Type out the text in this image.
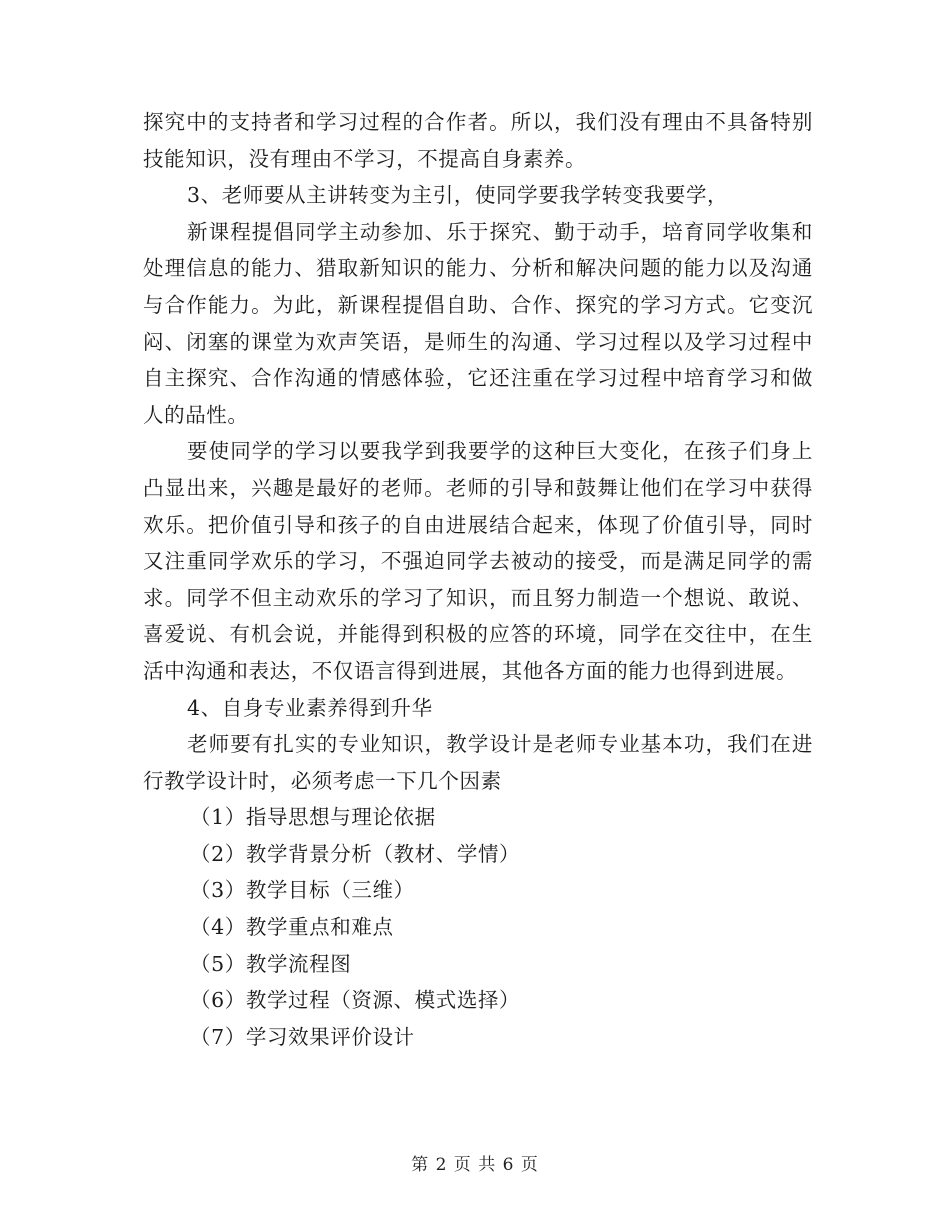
探究中的支持者和学习过程的合作者。所以，我们没有理由不具备特别技能知识，没有理由不学习，不提高自身素养。

3、老师要从主讲转变为主引，使同学要我学转变我要学，

新课程提倡同学主动参加、乐于探究、勤于动手，培育同学收集和处理信息的能力、猎取新知识的能力、分析和解决问题的能力以及沟通与合作能力。为此，新课程提倡自助、合作、探究的学习方式。它变沉闷、闭塞的课堂为欢声笑语，是师生的沟通、学习过程以及学习过程中自主探究、合作沟通的情感体验，它还注重在学习过程中培育学习和做人的品性。

要使同学的学习以要我学到我要学的这种巨大变化，在孩子们身上凸显出来，兴趣是最好的老师。老师的引导和鼓舞让他们在学习中获得欢乐。把价值引导和孩子的自由进展结合起来，体现了价值引导，同时又注重同学欢乐的学习，不强迫同学去被动的接受，而是满足同学的需求。同学不但主动欢乐的学习了知识，而且努力制造一个想说、敢说、喜爱说、有机会说，并能得到积极的应答的环境，同学在交往中，在生活中沟通和表达，不仅语言得到进展，其他各方面的能力也得到进展。

4、自身专业素养得到升华

老师要有扎实的专业知识，教学设计是老师专业基本功，我们在进行教学设计时，必须考虑一下几个因素

（1）指导思想与理论依据

（2）教学背景分析（教材、学情）

（3）教学目标（三维）

（4）教学重点和难点

（5）教学流程图

（6）教学过程（资源、模式选择）

（7）学习效果评价设计

第 2 页 共 6 页
